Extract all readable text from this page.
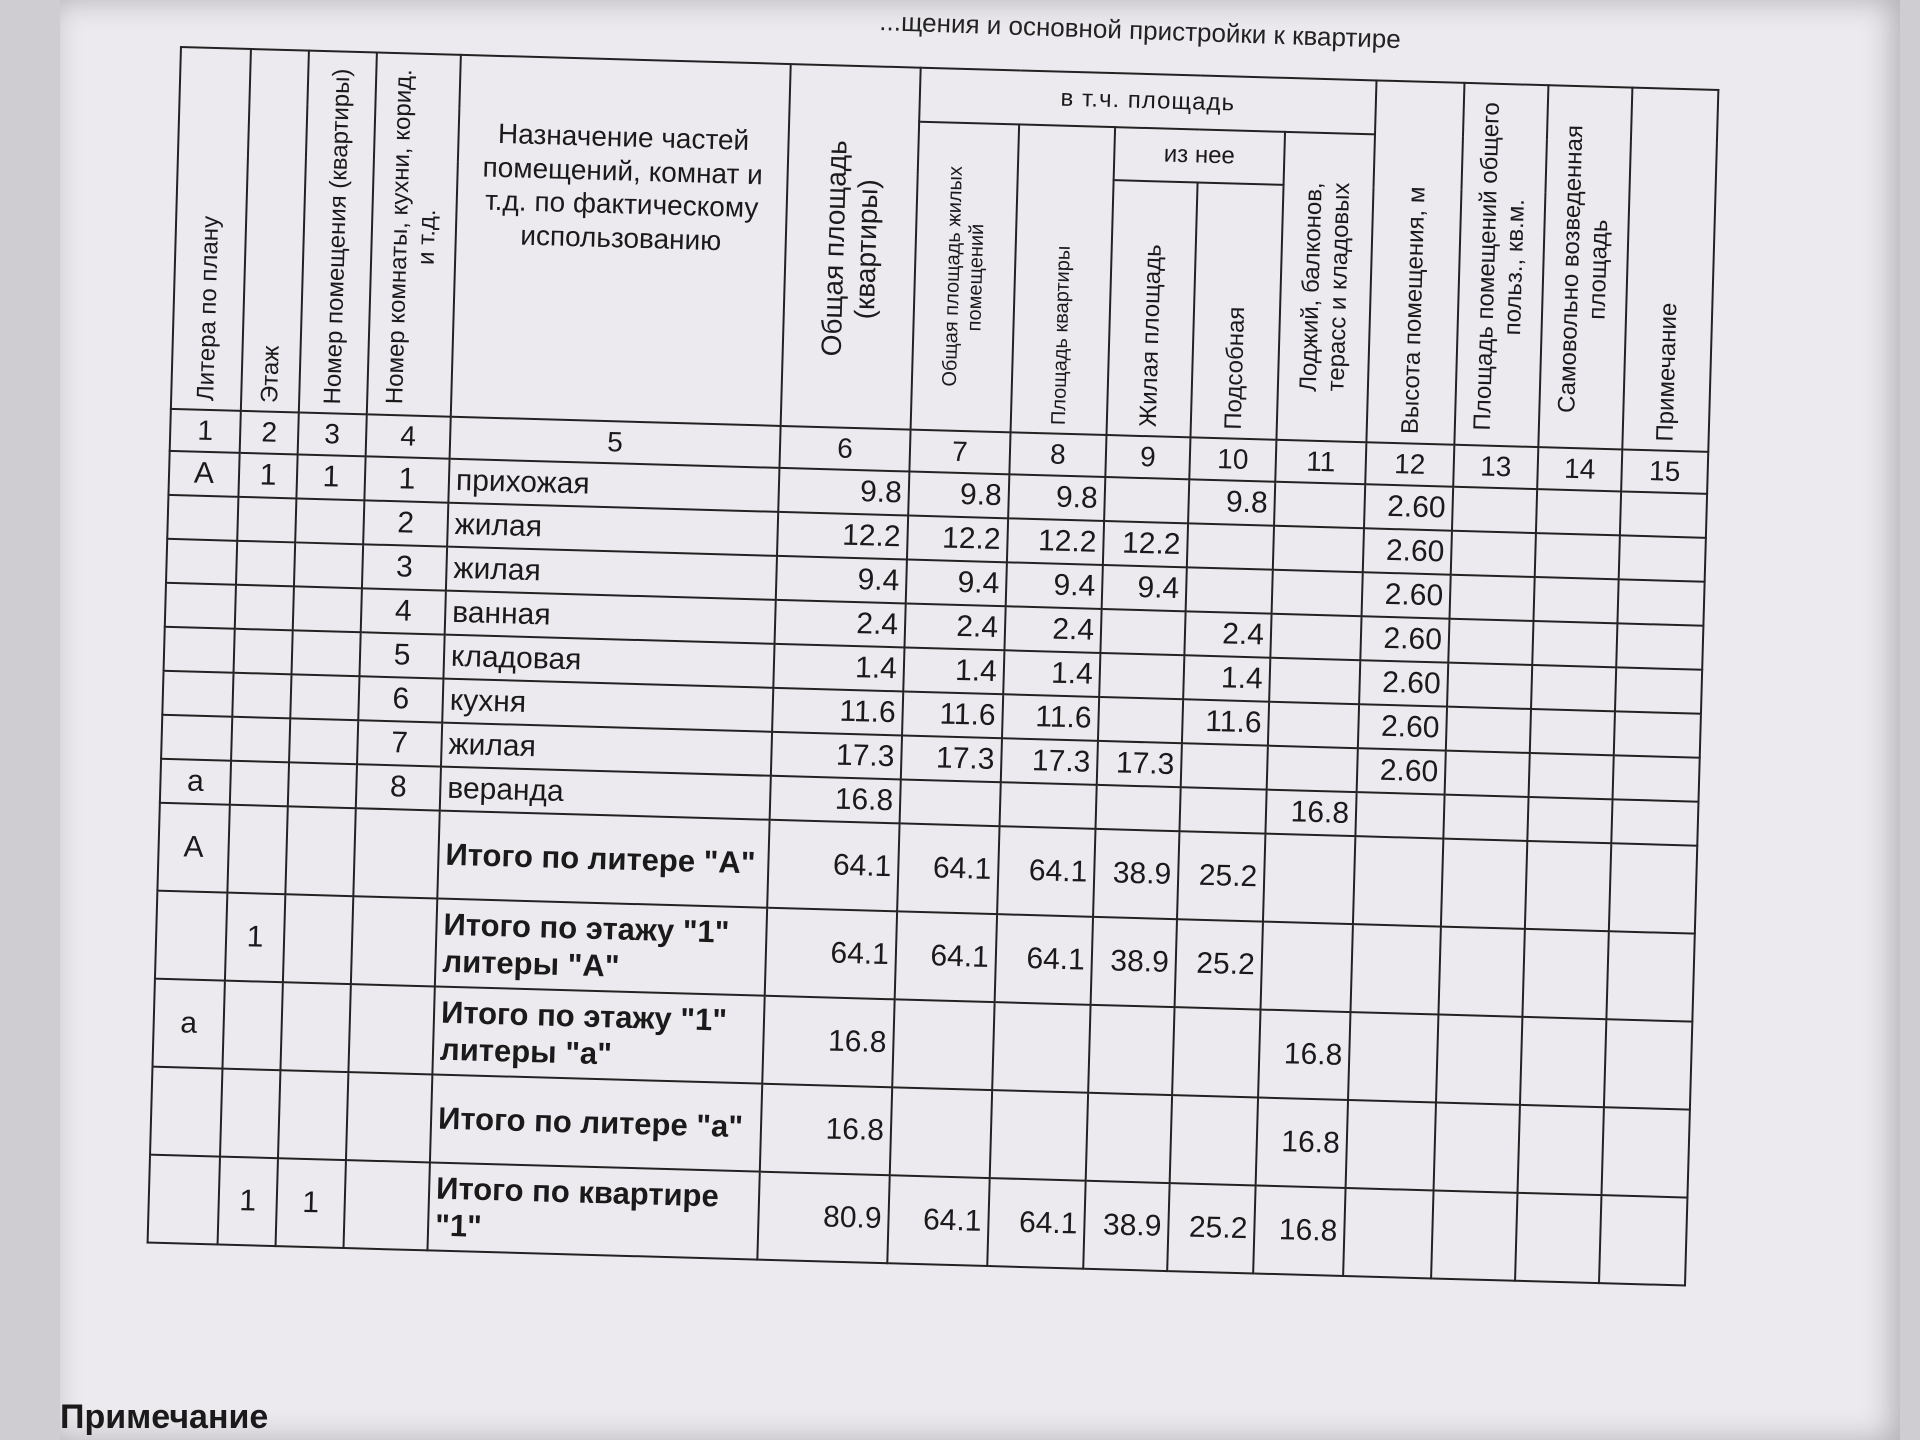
...щения и основной пристройки к квартире
Литера по плану	Этаж	Номер помещения (квартиры)	Номер комнаты, кухни, корид. и т.д.	Назначение частей помещений, комнат и т.д. по фактическому использованию	Общая площадь (квартиры)	в т.ч. площадь					Высота помещения, м	Площадь помещений общего польз., кв.м.	Самовольно возведенная площадь	Примечание

						Общая площадь жилых помещений	Площадь квартиры	из нее		Лоджий, балконов, терасс и кладовых				

								Жилая площадь	Подсобная					

1	2	3	4	5	6	7	8	9	10	11	12	13	14	15
А	1	1	1	прихожая	9.8	9.8	9.8		9.8		2.60			
			2	жилая	12.2	12.2	12.2	12.2			2.60			
			3	жилая	9.4	9.4	9.4	9.4			2.60			
			4	ванная	2.4	2.4	2.4		2.4		2.60			
			5	кладовая	1.4	1.4	1.4		1.4		2.60			
			6	кухня	11.6	11.6	11.6		11.6		2.60			
			7	жилая	17.3	17.3	17.3	17.3			2.60			
а			8	веранда	16.8					16.8				
А				Итого по литере "А"	64.1	64.1	64.1	38.9	25.2					
	1			Итого по этажу "1" литеры "А"	64.1	64.1	64.1	38.9	25.2					
а				Итого по этажу "1" литеры "а"	16.8					16.8				
				Итого по литере "а"	16.8					16.8				
	1	1		Итого по квартире "1"	80.9	64.1	64.1	38.9	25.2	16.8				
Примечание
